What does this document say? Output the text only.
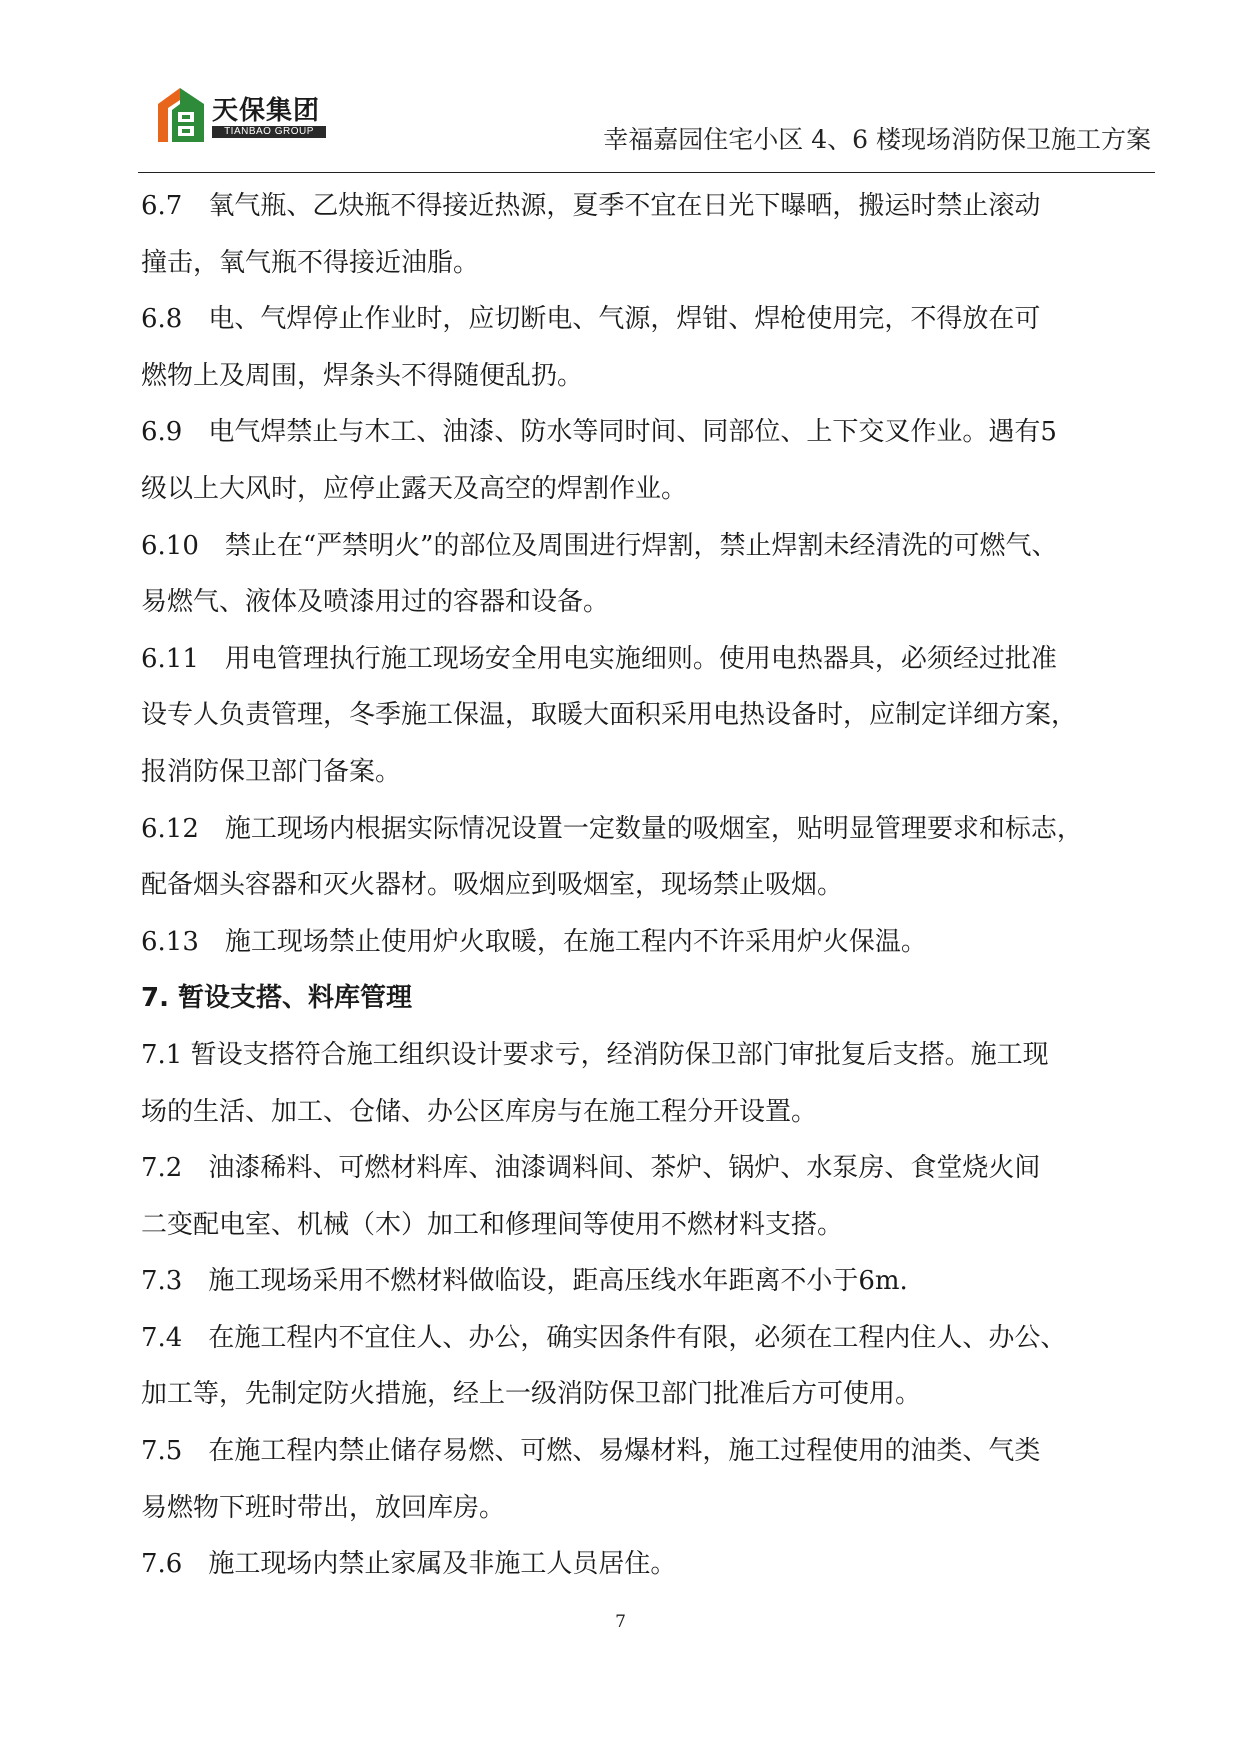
天保集团
TIANBAO GROUP	幸福嘉园住宅小区 4、6 楼现场消防保卫施工方案
6.7　氧气瓶、乙炔瓶不得接近热源，夏季不宜在日光下曝晒，搬运时禁止滚动
撞击，氧气瓶不得接近油脂。
6.8　电、气焊停止作业时，应切断电、气源，焊钳、焊枪使用完，不得放在可
燃物上及周围，焊条头不得随便乱扔。
6.9　电气焊禁止与木工、油漆、防水等同时间、同部位、上下交叉作业。遇有5
级以上大风时，应停止露天及高空的焊割作业。
6.10　禁止在“严禁明火”的部位及周围进行焊割，禁止焊割未经清洗的可燃气、
易燃气、液体及喷漆用过的容器和设备。
6.11　用电管理执行施工现场安全用电实施细则。使用电热器具，必须经过批准
设专人负责管理，冬季施工保温，取暖大面积采用电热设备时，应制定详细方案，
报消防保卫部门备案。
6.12　施工现场内根据实际情况设置一定数量的吸烟室，贴明显管理要求和标志，
配备烟头容器和灭火器材。吸烟应到吸烟室，现场禁止吸烟。
6.13　施工现场禁止使用炉火取暖，在施工程内不许采用炉火保温。
7. 暂设支搭、料库管理
7.1 暂设支搭符合施工组织设计要求亏，经消防保卫部门审批复后支搭。施工现
场的生活、加工、仓储、办公区库房与在施工程分开设置。
7.2　油漆稀料、可燃材料库、油漆调料间、茶炉、锅炉、水泵房、食堂烧火间
二变配电室、机械（木）加工和修理间等使用不燃材料支搭。
7.3　施工现场采用不燃材料做临设，距高压线水年距离不小于6m.
7.4　在施工程内不宜住人、办公，确实因条件有限，必须在工程内住人、办公、
加工等，先制定防火措施，经上一级消防保卫部门批准后方可使用。
7.5　在施工程内禁止储存易燃、可燃、易爆材料，施工过程使用的油类、气类
易燃物下班时带出，放回库房。
7.6　施工现场内禁止家属及非施工人员居住。
7
